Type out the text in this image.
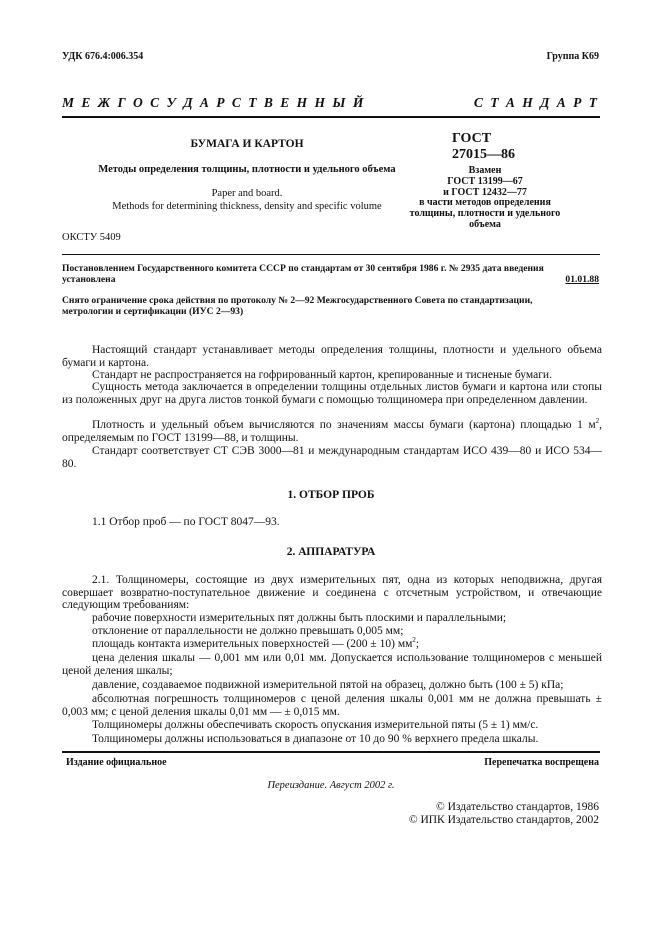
УДК 676.4:006.354	Группа К69
М Е Ж Г О С У Д А Р С Т В Е Н Н Ы Й	С Т А Н Д А Р Т
БУМАГА И КАРТОН
Методы определения толщины, плотности и удельного объема
Paper and board.
Methods for determining thickness, density and specific volume
ОКСТУ 5409
ГОСТ
27015—86
Взамен
ГОСТ 13199—67
и ГОСТ 12432—77
в части методов определения
толщины, плотности и удельного
объема
Постановлением Государственного комитета СССР по стандартам от 30 сентября 1986 г. № 2935 дата введения
установлена	01.01.88
Снято ограничение срока действия по протоколу № 2—92 Межгосударственного Совета по стандартизации,
метрологии и сертификации (ИУС 2—93)
Настоящий стандарт устанавливает методы определения толщины, плотности и удельного объема бумаги и картона.
Стандарт не распространяется на гофрированный картон, крепированные и тисненые бумаги.
Сущность метода заключается в определении толщины отдельных листов бумаги и картона или стопы из положенных друг на друга листов тонкой бумаги с помощью толщиномера при определенном давлении.
Плотность и удельный объем вычисляются по значениям массы бумаги (картона) площадью 1 $м^2$, определяемым по ГОСТ 13199—88, и толщины.
Стандарт соответствует СТ СЭВ 3000—81 и международным стандартам ИСО 439—80 и ИСО 534—80.
1. ОТБОР ПРОБ
1.1 Отбор проб — по ГОСТ 8047—93.
2. АППАРАТУРА
2.1. Толщиномеры, состоящие из двух измерительных пят, одна из которых неподвижна, другая совершает возвратно-поступательное движение и соединена с отсчетным устройством, и отвечающие следующим требованиям:
рабочие поверхности измерительных пят должны быть плоскими и параллельными;
отклонение от параллельности не должно превышать 0,005 мм;
площадь контакта измерительных поверхностей — (200 ± 10) $мм^2$;
цена деления шкалы — 0,001 мм или 0,01 мм. Допускается использование толщиномеров с меньшей ценой деления шкалы;
давление, создаваемое подвижной измерительной пятой на образец, должно быть (100 ± 5) кПа;
абсолютная погрешность толщиномеров с ценой деления шкалы 0,001 мм не должна превышать ± 0,003 мм; с ценой деления шкалы 0,01 мм — ± 0,015 мм.
Толщиномеры должны обеспечивать скорость опускания измерительной пяты (5 ± 1) мм/с.
Толщиномеры должны использоваться в диапазоне от 10 до 90 % верхнего предела шкалы.
Издание официальное	Перепечатка воспрещена
Переиздание. Август 2002 г.
© Издательство стандартов, 1986
© ИПК Издательство стандартов, 2002
